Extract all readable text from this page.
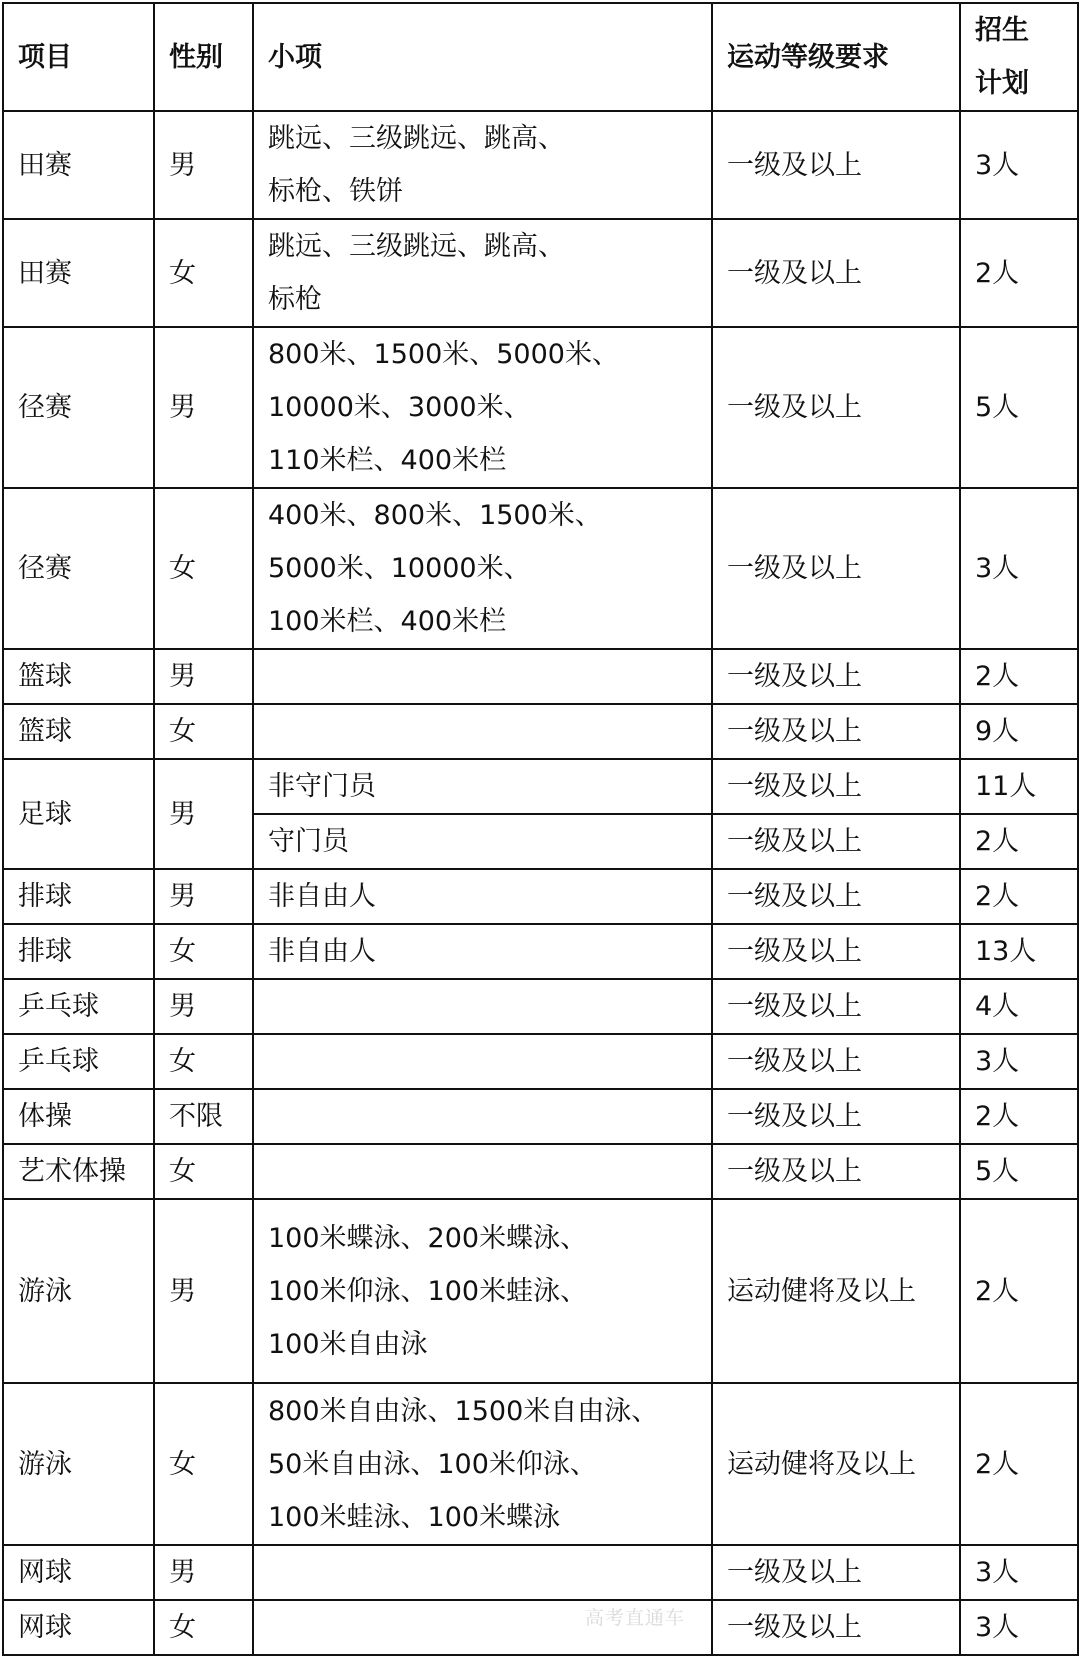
项目	性别	小项	运动等级要求	招生
计划
田赛	男	跳远、三级跳远、跳高、
标枪、铁饼	一级及以上	3人
田赛	女	跳远、三级跳远、跳高、
标枪	一级及以上	2人
径赛	男	800米、1500米、5000米、
10000米、3000米、
110米栏、400米栏	一级及以上	5人
径赛	女	400米、800米、1500米、
5000米、10000米、
100米栏、400米栏	一级及以上	3人
篮球	男		一级及以上	2人
篮球	女		一级及以上	9人
足球	男	非守门员	一级及以上	11人
		守门员	一级及以上	2人
排球	男	非自由人	一级及以上	2人
排球	女	非自由人	一级及以上	13人
乒乓球	男		一级及以上	4人
乒乓球	女		一级及以上	3人
体操	不限		一级及以上	2人
艺术体操	女		一级及以上	5人
游泳	男	100米蝶泳、200米蝶泳、
100米仰泳、100米蛙泳、
100米自由泳	运动健将及以上	2人
游泳	女	800米自由泳、1500米自由泳、
50米自由泳、100米仰泳、
100米蛙泳、100米蝶泳	运动健将及以上	2人
网球	男		一级及以上	3人
网球	女		一级及以上	3人
高考直通车
